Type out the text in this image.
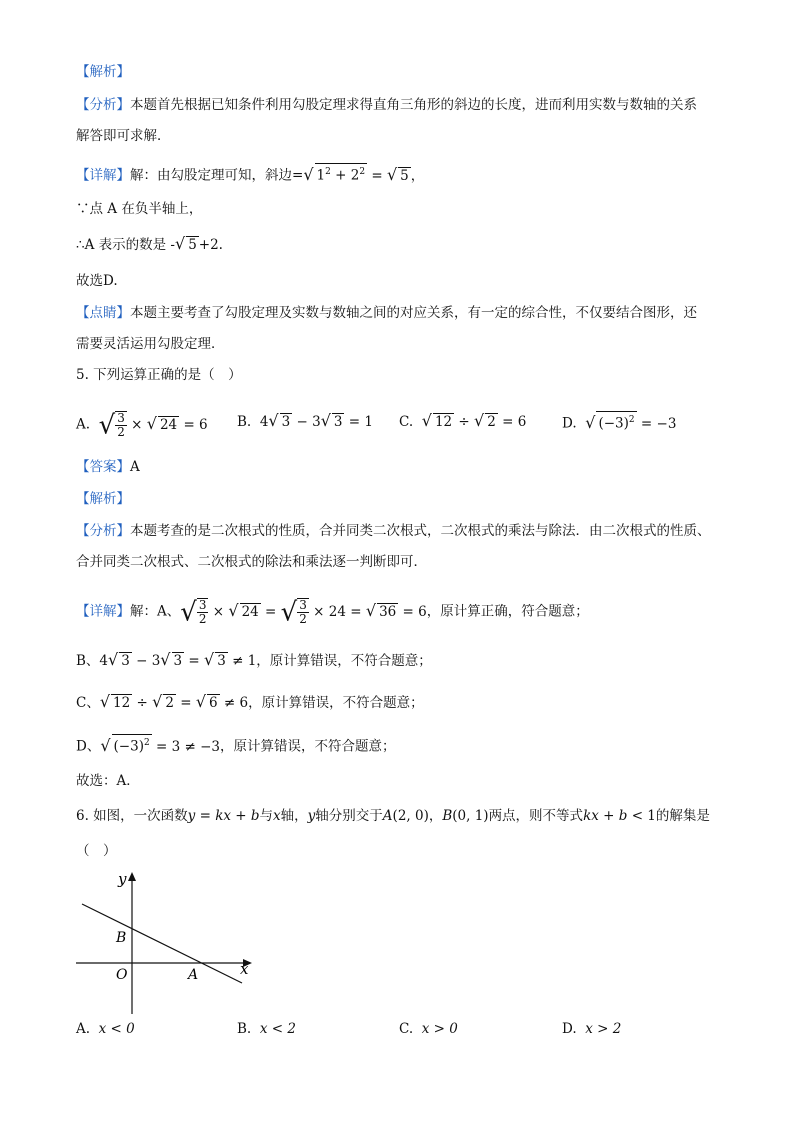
【解析】
【分析】本题首先根据已知条件利用勾股定理求得直角三角形的斜边的长度，进而利用实数与数轴的关系
解答即可求解．
【详解】解：由勾股定理可知，斜边=√ $1^2 + 2^2$ = √ 5 ，
∵点 A 在负半轴上，
∴A 表示的数是 -√ 5 +2.
故选D.
【点睛】本题主要考查了勾股定理及实数与数轴之间的对应关系，有一定的综合性，不仅要结合图形，还
需要灵活运用勾股定理．
5. 下列运算正确的是（　）
A. √ $\frac{3}{2}$ × √ 24 = 6 B. 4√ 3 − 3√ 3 = 1 C. √ 12 ÷ √ 2 = 6	D. √ $(-3)^2 = -3$
【答案】A
【解析】
【分析】本题考查的是二次根式的性质，合并同类二次根式，二次根式的乘法与除法．由二次根式的性质、
合并同类二次根式、二次根式的除法和乘法逐一判断即可．
【详解】解：A、√ $\frac{3}{2}$ × √ 24 = √ $\frac{3}{2} \times 24$ = √ 36 = 6，原计算正确，符合题意；
B、4√ 3 − 3√ 3 = √ 3 ≠ 1，原计算错误，不符合题意；
C、√ 12 ÷ √ 2 = √ 6 ≠ 6，原计算错误，不符合题意；
D、√ $(-3)^2 = 3 \ne -3$，原计算错误，不符合题意；
故选：A．
6. 如图，一次函数y = kx + b与x轴，y轴分别交于A(2, 0)，B(0, 1)两点，则不等式kx + b < 1的解集是
（　）
y
x
O	A
B
A. x < 0	B. x < 2	C. x > 0	D. x > 2
